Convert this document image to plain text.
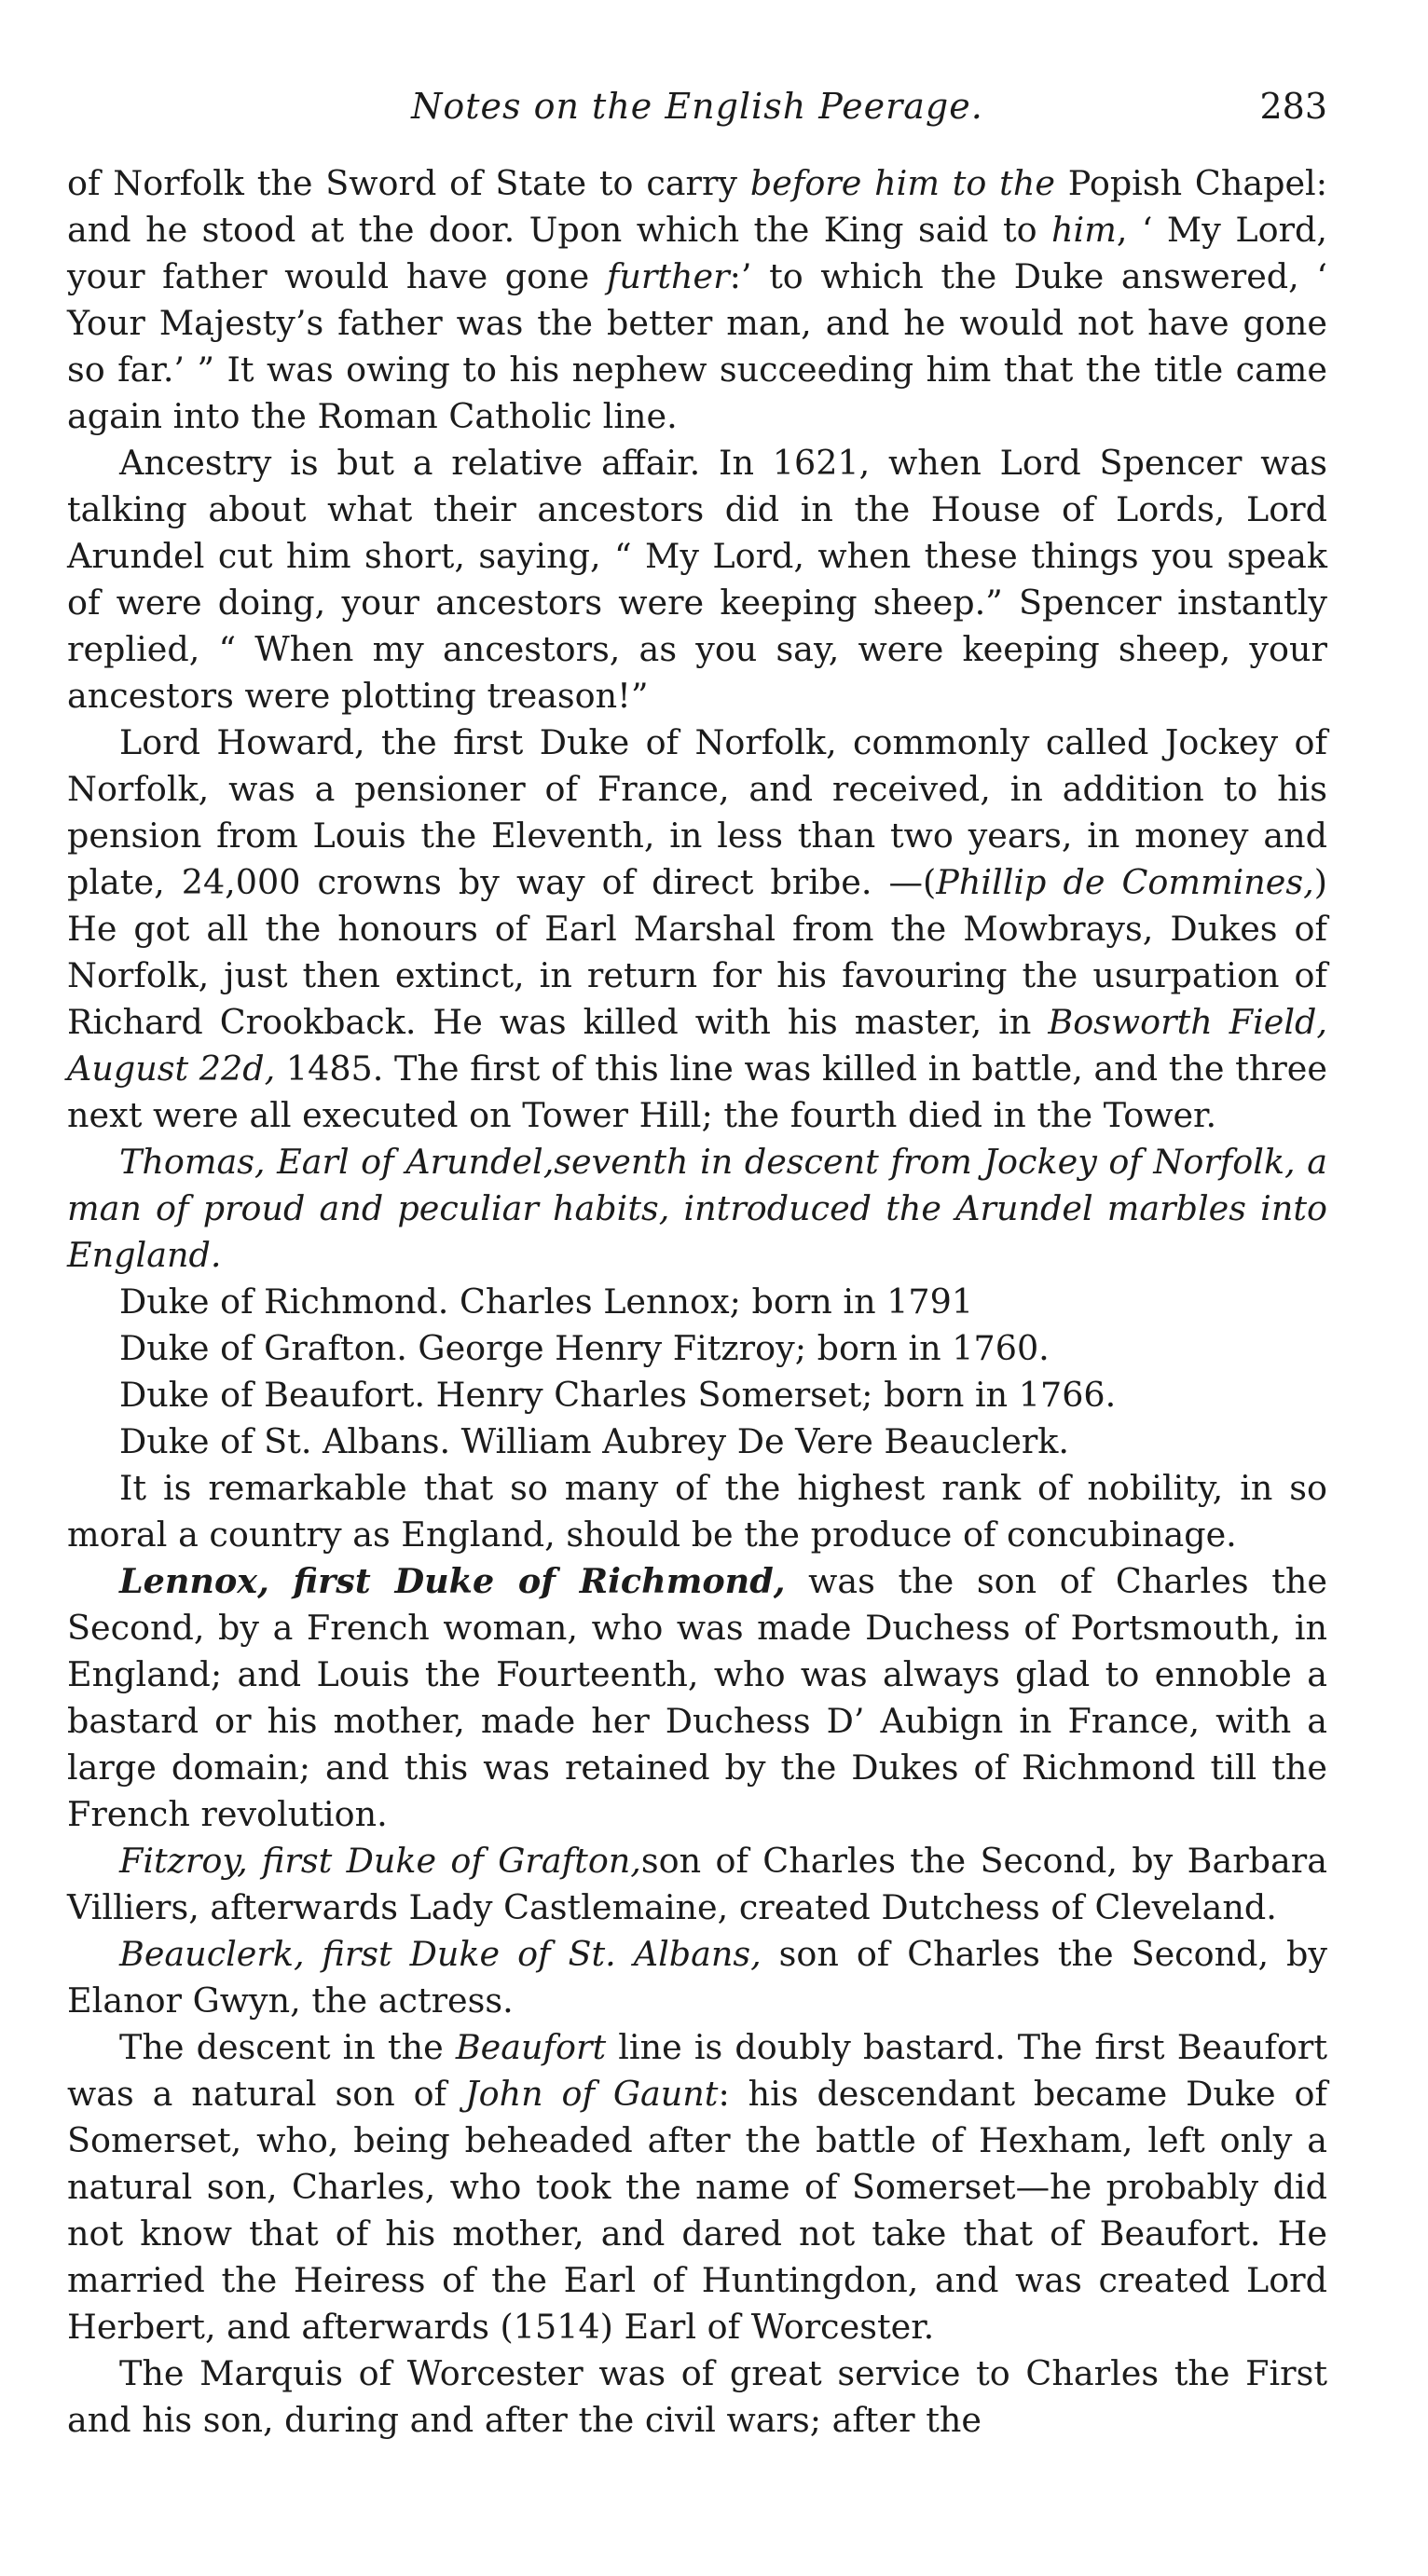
Notes on the English Peerage.	283

of Norfolk the Sword of State to carry before him to the Popish Chapel: and he stood at the door. Upon which the King said to him, ‘ My Lord, your father would have gone further:’ to which the Duke answered, ‘ Your Majesty’s father was the better man, and he would not have gone so far.’ ” It was owing to his nephew succeeding him that the title came again into the Roman Catholic line.

Ancestry is but a relative affair. In 1621, when Lord Spencer was talking about what their ancestors did in the House of Lords, Lord Arundel cut him short, saying, “ My Lord, when these things you speak of were doing, your ancestors were keeping sheep.” Spencer instantly replied, “ When my ancestors, as you say, were keeping sheep, your ancestors were plotting treason!”

Lord Howard, the first Duke of Norfolk, commonly called Jockey of Norfolk, was a pensioner of France, and received, in addition to his pension from Louis the Eleventh, in less than two years, in money and plate, 24,000 crowns by way of direct bribe. —(Phillip de Commines,) He got all the honours of Earl Marshal from the Mowbrays, Dukes of Norfolk, just then extinct, in return for his favouring the usurpation of Richard Crookback. He was killed with his master, in Bosworth Field, August 22d, 1485. The first of this line was killed in battle, and the three next were all executed on Tower Hill; the fourth died in the Tower.

Thomas, Earl of Arundel,seventh in descent from Jockey of Norfolk, a man of proud and peculiar habits, introduced the Arundel marbles into England.

Duke of Richmond. Charles Lennox; born in 1791
Duke of Grafton. George Henry Fitzroy; born in 1760.
Duke of Beaufort. Henry Charles Somerset; born in 1766.
Duke of St. Albans. William Aubrey De Vere Beauclerk.

It is remarkable that so many of the highest rank of nobility, in so moral a country as England, should be the produce of concubinage.

Lennox, first Duke of Richmond, was the son of Charles the Second, by a French woman, who was made Duchess of Portsmouth, in England; and Louis the Fourteenth, who was always glad to ennoble a bastard or his mother, made her Duchess D’ Aubign in France, with a large domain; and this was retained by the Dukes of Richmond till the French revolution.

Fitzroy, first Duke of Grafton,son of Charles the Second, by Barbara Villiers, afterwards Lady Castlemaine, created Dutchess of Cleveland.

Beauclerk, first Duke of St. Albans, son of Charles the Second, by Elanor Gwyn, the actress.

The descent in the Beaufort line is doubly bastard. The first Beaufort was a natural son of John of Gaunt: his descendant became Duke of Somerset, who, being beheaded after the battle of Hexham, left only a natural son, Charles, who took the name of Somerset—he probably did not know that of his mother, and dared not take that of Beaufort. He married the Heiress of the Earl of Huntingdon, and was created Lord Herbert, and afterwards (1514) Earl of Worcester.

The Marquis of Worcester was of great service to Charles the First and his son, during and after the civil wars; after the
